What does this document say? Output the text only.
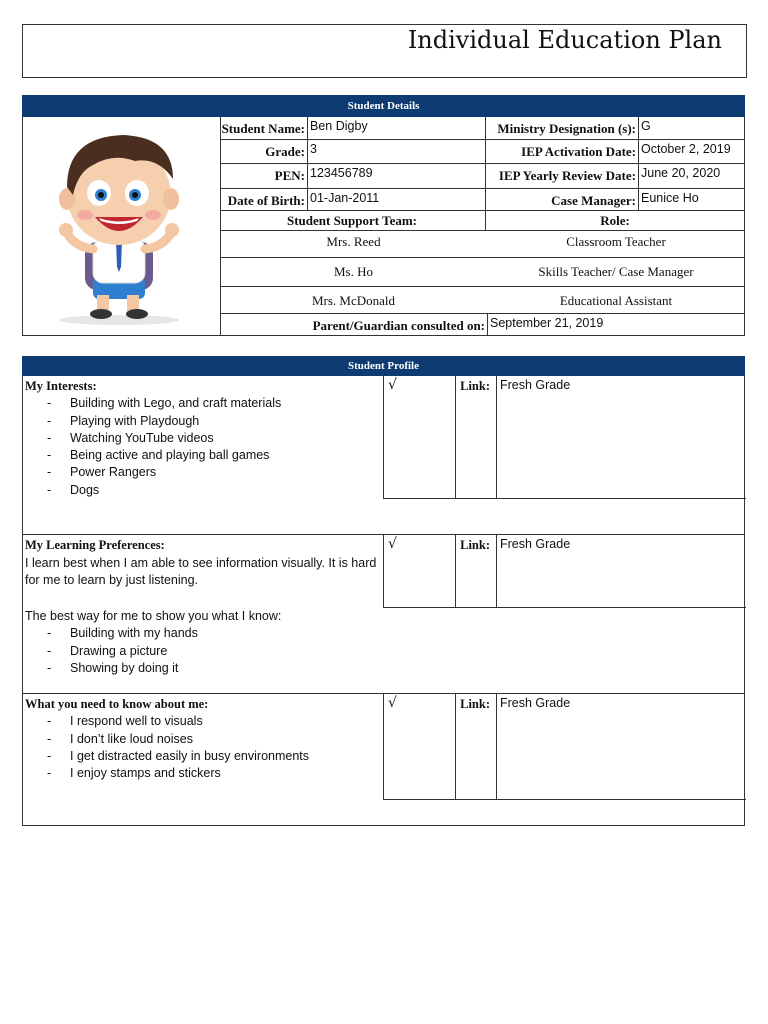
Individual Education Plan
Student Details
Student Name: Ben Digby	Ministry Designation (s): G
Grade: 3	IEP Activation Date: October 2, 2019
PEN: 123456789	IEP Yearly Review Date: June 20, 2020
Date of Birth: 01-Jan-2011	Case Manager: Eunice Ho
Student Support Team:	Role:
Mrs. Reed	Classroom Teacher
Ms. Ho	Skills Teacher/ Case Manager
Mrs. McDonald	Educational Assistant
Parent/Guardian consulted on: September 21, 2019
Student Profile
My Interests:
- Building with Lego, and craft materials
- Playing with Playdough
- Watching YouTube videos
- Being active and playing ball games
- Power Rangers
- Dogs
√	Link: Fresh Grade
My Learning Preferences:
I learn best when I am able to see information visually. It is hard
for me to learn by just listening.
The best way for me to show you what I know:
- Building with my hands
- Drawing a picture
- Showing by doing it
√	Link: Fresh Grade
What you need to know about me:
- I respond well to visuals
- I don’t like loud noises
- I get distracted easily in busy environments
- I enjoy stamps and stickers
√	Link: Fresh Grade
